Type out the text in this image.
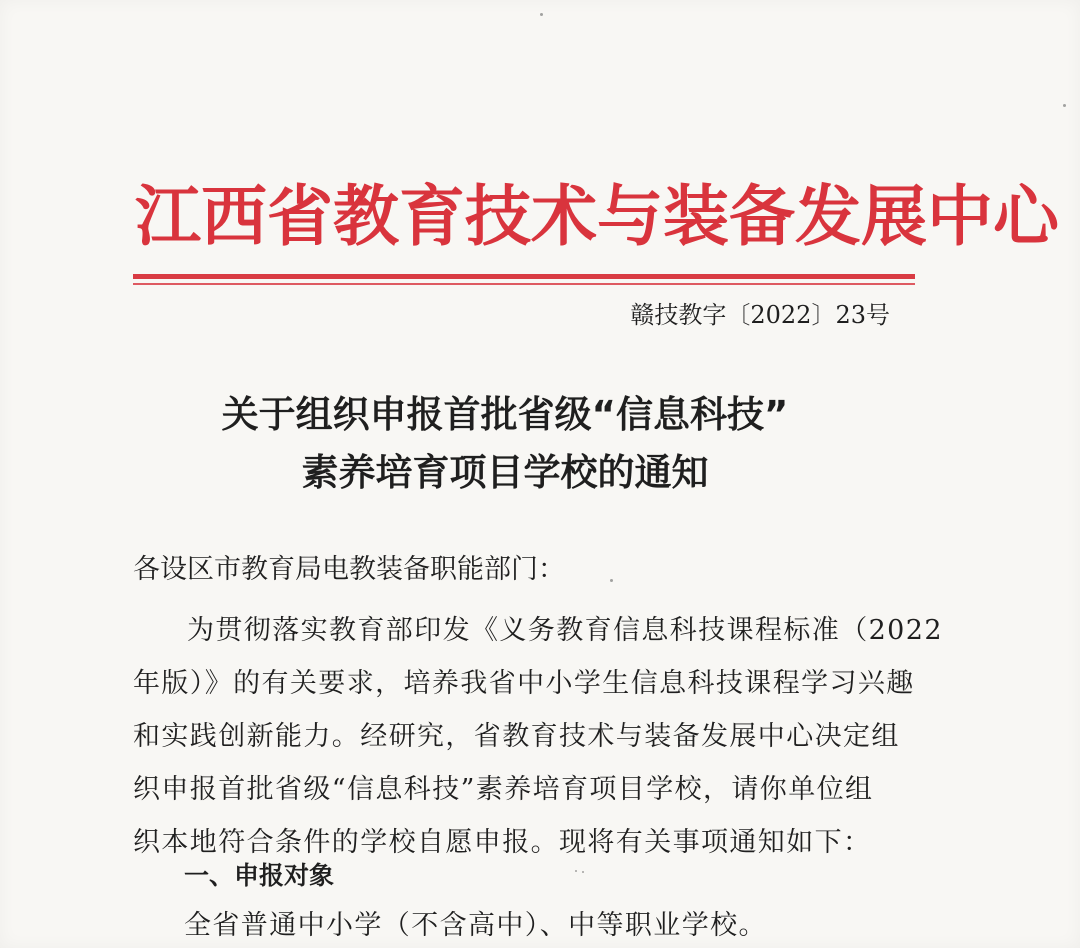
江西省教育技术与装备发展中心
赣技教字〔2022〕23号
关于组织申报首批省级“信息科技”
素养培育项目学校的通知
各设区市教育局电教装备职能部门：
为贯彻落实教育部印发《义务教育信息科技课程标准（2022
年版）》的有关要求，培养我省中小学生信息科技课程学习兴趣
和实践创新能力。经研究，省教育技术与装备发展中心决定组
织申报首批省级“信息科技”素养培育项目学校，请你单位组
织本地符合条件的学校自愿申报。现将有关事项通知如下：
一、申报对象
全省普通中小学（不含高中）、中等职业学校。
